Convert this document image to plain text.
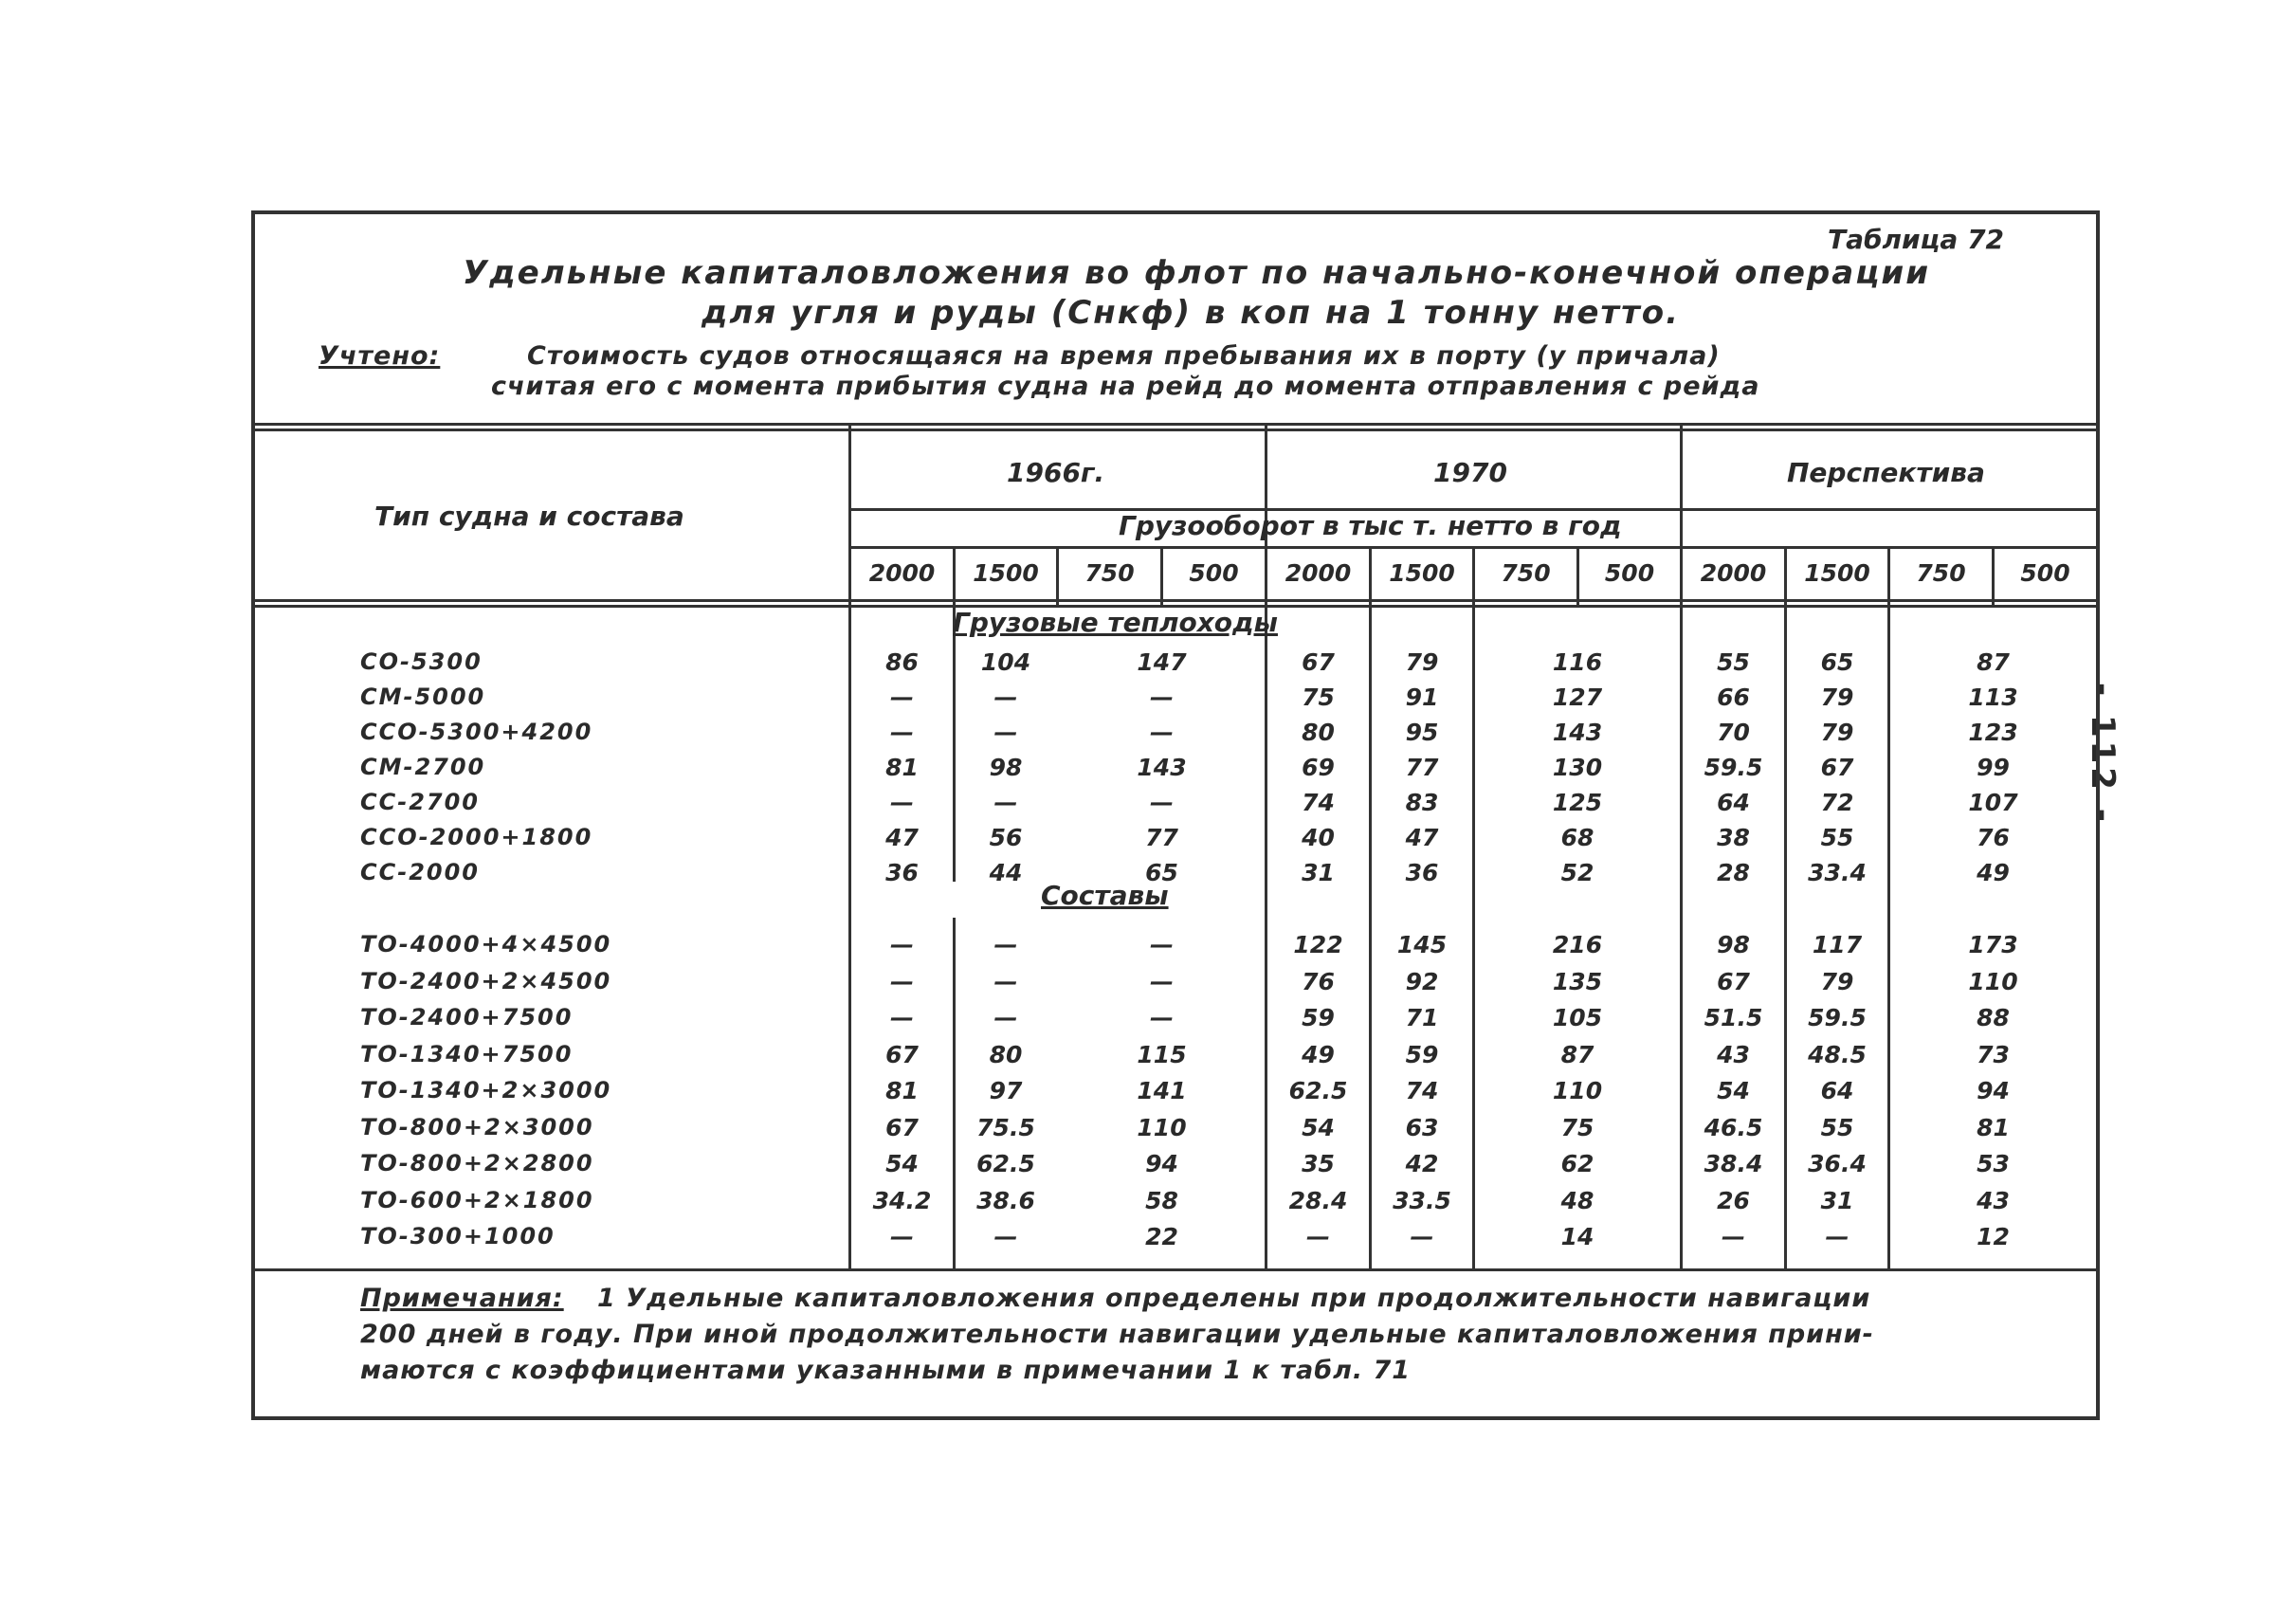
- 112 -
Таблица 72
Удельные капиталовложения во флот по начально-конечной операции
для угля и руды (Снкф) в коп на 1 тонну нетто.
Учтено:	Стоимость судов относящаяся на время пребывания их в порту (у причала)
считая его с момента прибытия судна на рейд до момента отправления с рейда
Тип судна и состава
1966г.	1970	Перспектива
Грузооборот в тыс т. нетто в год
2000	1500	750	500	2000	1500	750	500	2000	1500	750	500
Грузовые теплоходы
Составы
СО-5300	86	104	147	67	79	116	55	65	87
СМ-5000	—	—	—	75	91	127	66	79	113
ССО-5300+4200	—	—	—	80	95	143	70	79	123
СМ-2700	81	98	143	69	77	130	59.5	67	99
СС-2700	—	—	—	74	83	125	64	72	107
ССО-2000+1800	47	56	77	40	47	68	38	55	76
СС-2000	36	44	65	31	36	52	28	33.4	49
ТО-4000+4×4500	—	—	—	122	145	216	98	117	173
ТО-2400+2×4500	—	—	—	76	92	135	67	79	110
ТО-2400+7500	—	—	—	59	71	105	51.5	59.5	88
ТО-1340+7500	67	80	115	49	59	87	43	48.5	73
ТО-1340+2×3000	81	97	141	62.5	74	110	54	64	94
ТО-800+2×3000	67	75.5	110	54	63	75	46.5	55	81
ТО-800+2×2800	54	62.5	94	35	42	62	38.4	36.4	53
ТО-600+2×1800	34.2	38.6	58	28.4	33.5	48	26	31	43
ТО-300+1000	—	—	22	—	—	14	—	—	12
Примечания: 1 Удельные капиталовложения определены при продолжительности навигации
200 дней в году. При иной продолжительности навигации удельные капиталовложения прини-
маются с коэффициентами указанными в примечании 1 к табл. 71
